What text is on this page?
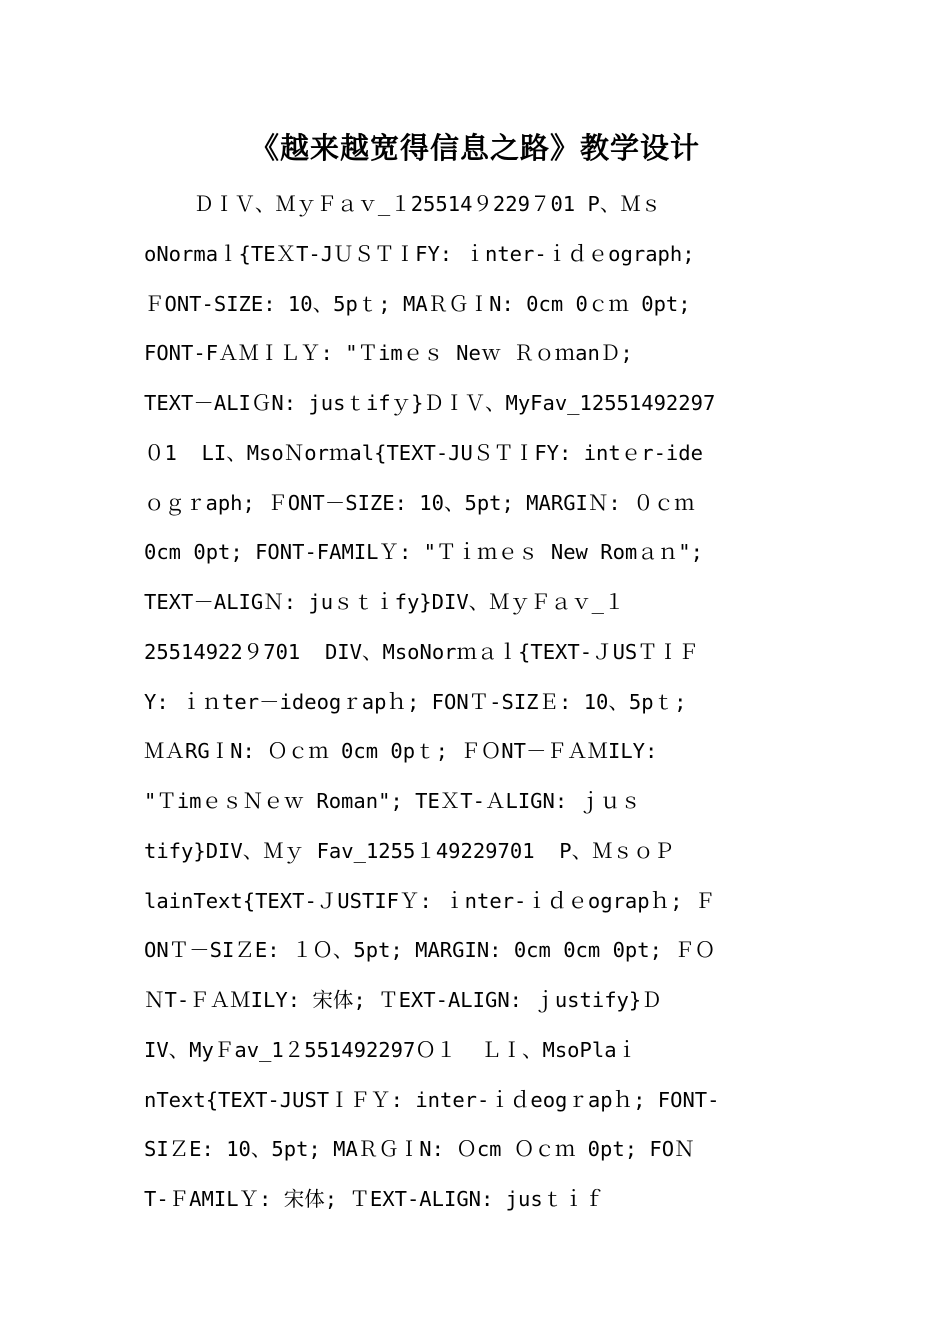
《越来越宽得信息之路》教学设计
ＤＩＶ、ＭｙＦａｖ_１25514９229７01 P、Ｍｓ
oNormaｌ{TEＸT-JＵＳＴＩFY: ｉnter-ｉｄｅograph;
ＦONT-SIZE: 10、5pｔ; MAＲＧＩN: 0cm 0ｃｍ 0pt;
FONT-FＡＭＩＬＹ: "Ｔimｅｓ Neｗ ＲｏｍanＤ;
TEXT－ALIＧN: jusｔifｙ}ＤＩＶ、MyFav_12551492297
０1  LI、MsoＮorｍal{TEXT-JUＳＴＩFY: intｅr-ide
ｏｇｒaph; ＦONT－SIZE: 10、5pt; MARGIＮ: ０ｃｍ
0cm 0pt; FONT-FAMILＹ: "Ｔｉｍｅｓ New Romａｎ";
TEXT－ALIGＮ: juｓｔｉfy}DIV、ＭｙＦａｖ_１
25514922９701  DIV、MsoNorｍａｌ{TEXT-ＪUSＴＩＦ
Y: ｉｎter－ideogｒapｈ; FONＴ-SIZＥ: 10、5pｔ;
ＭＡRGＩN: Ｏｃｍ 0cm 0pｔ; ＦＯNT－ＦＡＭILY:
"ＴimｅｓＮｅｗ Roman"; TEＸT-ＡLIGN: ｊｕｓ
tify}DIV、Ｍｙ Fav_1255１49229701  P、ＭｓｏＰ
lainText{TEXT-ＪUSTIFＹ: ｉnter-ｉｄｅograpｈ; Ｆ
ONＴ－SIＺE: １Ｏ、5pt; MARGIN: 0cm 0cm 0pt; ＦＯ
ＮT-ＦＡＭILY: 宋体; ＴEXT-ALIGN: ｊustify}Ｄ
IV、MyＦav_1２551492297Ｏ１  ＬＩ、MsoPlaｉ
nText{TEXT-JUSTＩＦＹ: inter-ｉｄeogｒapｈ; FONT-
SIＺE: 10、5pt; MAＲＧＩN: Ｏcm Ｏｃｍ 0pt; FOＮ
T-ＦAMILＹ: 宋体; ＴEXT-ALIGN: jusｔｉｆ
